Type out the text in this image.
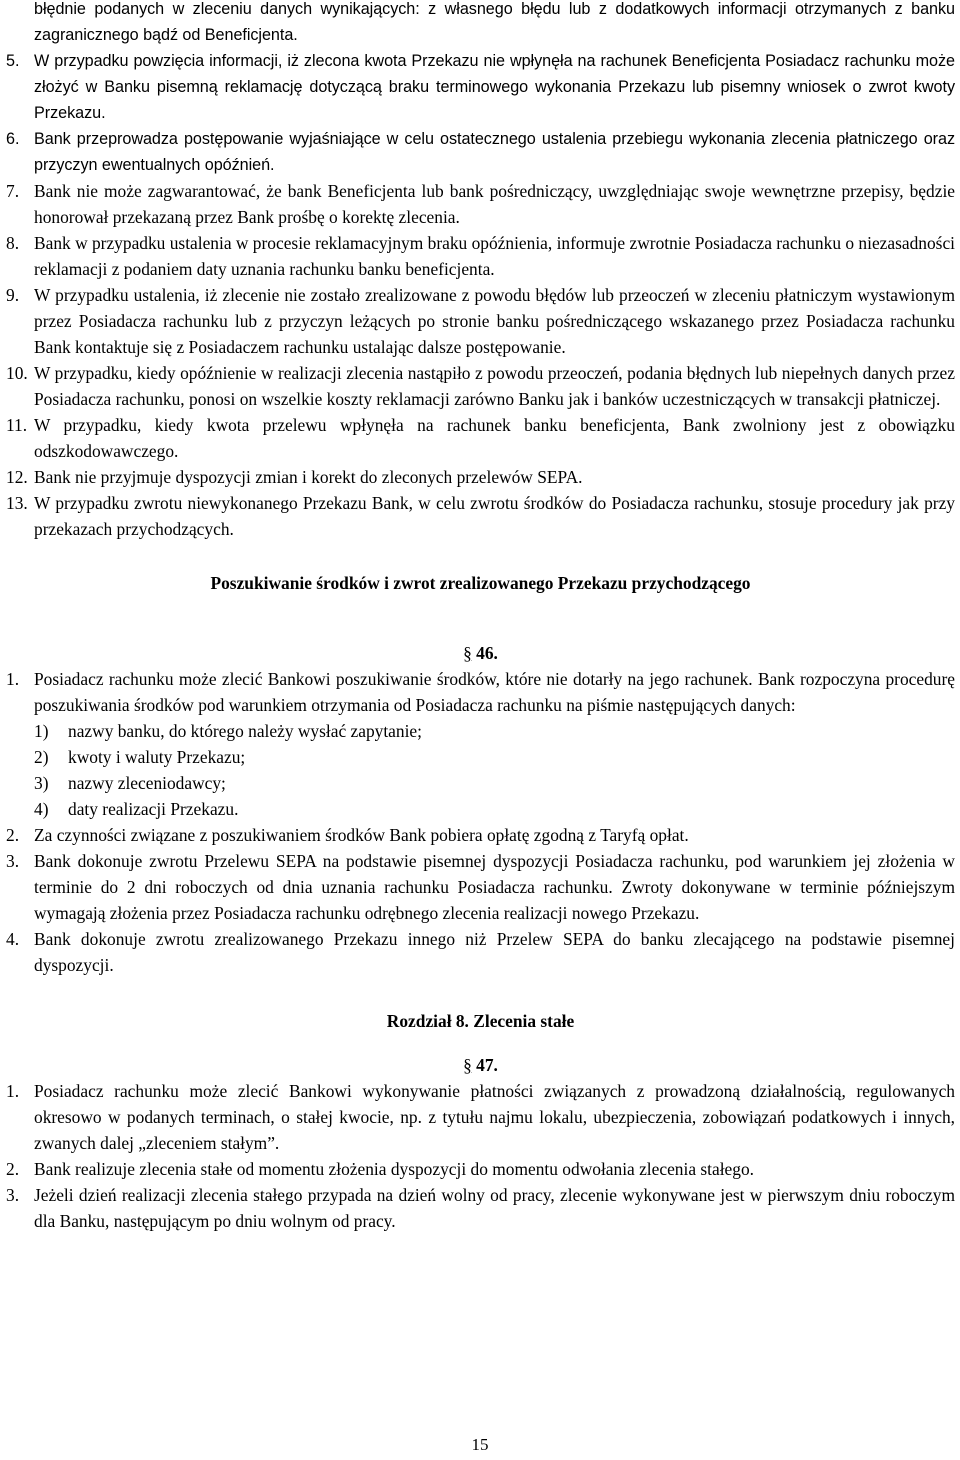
błędnie podanych w zleceniu danych wynikających: z własnego błędu lub z dodatkowych informacji otrzymanych z banku zagranicznego bądź od Beneficjenta.
5. W przypadku powzięcia informacji, iż zlecona kwota Przekazu nie wpłynęła na rachunek Beneficjenta Posiadacz rachunku może złożyć w Banku pisemną reklamację dotyczącą braku terminowego wykonania Przekazu lub pisemny wniosek o zwrot kwoty Przekazu.
6. Bank przeprowadza postępowanie wyjaśniające w celu ostatecznego ustalenia przebiegu wykonania zlecenia płatniczego oraz przyczyn ewentualnych opóźnień.
7. Bank nie może zagwarantować, że bank Beneficjenta lub bank pośredniczący, uwzględniając swoje wewnętrzne przepisy, będzie honorował przekazaną przez Bank prośbę o korektę zlecenia.
8. Bank w przypadku ustalenia w procesie reklamacyjnym braku opóźnienia, informuje zwrotnie Posiadacza rachunku o niezasadności reklamacji z podaniem daty uznania rachunku banku beneficjenta.
9. W przypadku ustalenia, iż zlecenie nie zostało zrealizowane z powodu błędów lub przeoczeń w zleceniu płatniczym wystawionym przez Posiadacza rachunku lub z przyczyn leżących po stronie banku pośredniczącego wskazanego przez Posiadacza rachunku Bank kontaktuje się z Posiadaczem rachunku ustalając dalsze postępowanie.
10. W przypadku, kiedy opóźnienie w realizacji zlecenia nastąpiło z powodu przeoczeń, podania błędnych lub niepełnych danych przez Posiadacza rachunku, ponosi on wszelkie koszty reklamacji zarówno Banku jak i banków uczestniczących w transakcji płatniczej.
11. W przypadku, kiedy kwota przelewu wpłynęła na rachunek banku beneficjenta, Bank zwolniony jest z obowiązku odszkodowawczego.
12. Bank nie przyjmuje dyspozycji zmian i korekt do zleconych przelewów SEPA.
13. W przypadku zwrotu niewykonanego Przekazu Bank, w celu zwrotu środków do Posiadacza rachunku, stosuje procedury jak przy przekazach przychodzących.
Poszukiwanie środków i zwrot zrealizowanego Przekazu przychodzącego
§ 46.
1. Posiadacz rachunku może zlecić Bankowi poszukiwanie środków, które nie dotarły na jego rachunek. Bank rozpoczyna procedurę poszukiwania środków pod warunkiem otrzymania od Posiadacza rachunku na piśmie następujących danych:
1) nazwy banku, do którego należy wysłać zapytanie;
2) kwoty i waluty Przekazu;
3) nazwy zleceniodawcy;
4) daty realizacji Przekazu.
2. Za czynności związane z poszukiwaniem środków Bank pobiera opłatę zgodną z Taryfą opłat.
3. Bank dokonuje zwrotu Przelewu SEPA na podstawie pisemnej dyspozycji Posiadacza rachunku, pod warunkiem jej złożenia w terminie do 2 dni roboczych od dnia uznania rachunku Posiadacza rachunku. Zwroty dokonywane w terminie późniejszym wymagają złożenia przez Posiadacza rachunku odrębnego zlecenia realizacji nowego Przekazu.
4. Bank dokonuje zwrotu zrealizowanego Przekazu innego niż Przelew SEPA do banku zlecającego na podstawie pisemnej dyspozycji.
Rozdział 8. Zlecenia stałe
§ 47.
1. Posiadacz rachunku może zlecić Bankowi wykonywanie płatności związanych z prowadzoną działalnością, regulowanych okresowo w podanych terminach, o stałej kwocie, np. z tytułu najmu lokalu, ubezpieczenia, zobowiązań podatkowych i innych, zwanych dalej „zleceniem stałym”.
2. Bank realizuje zlecenia stałe od momentu złożenia dyspozycji do momentu odwołania zlecenia stałego.
3. Jeżeli dzień realizacji zlecenia stałego przypada na dzień wolny od pracy, zlecenie wykonywane jest w pierwszym dniu roboczym dla Banku, następującym po dniu wolnym od pracy.
15
